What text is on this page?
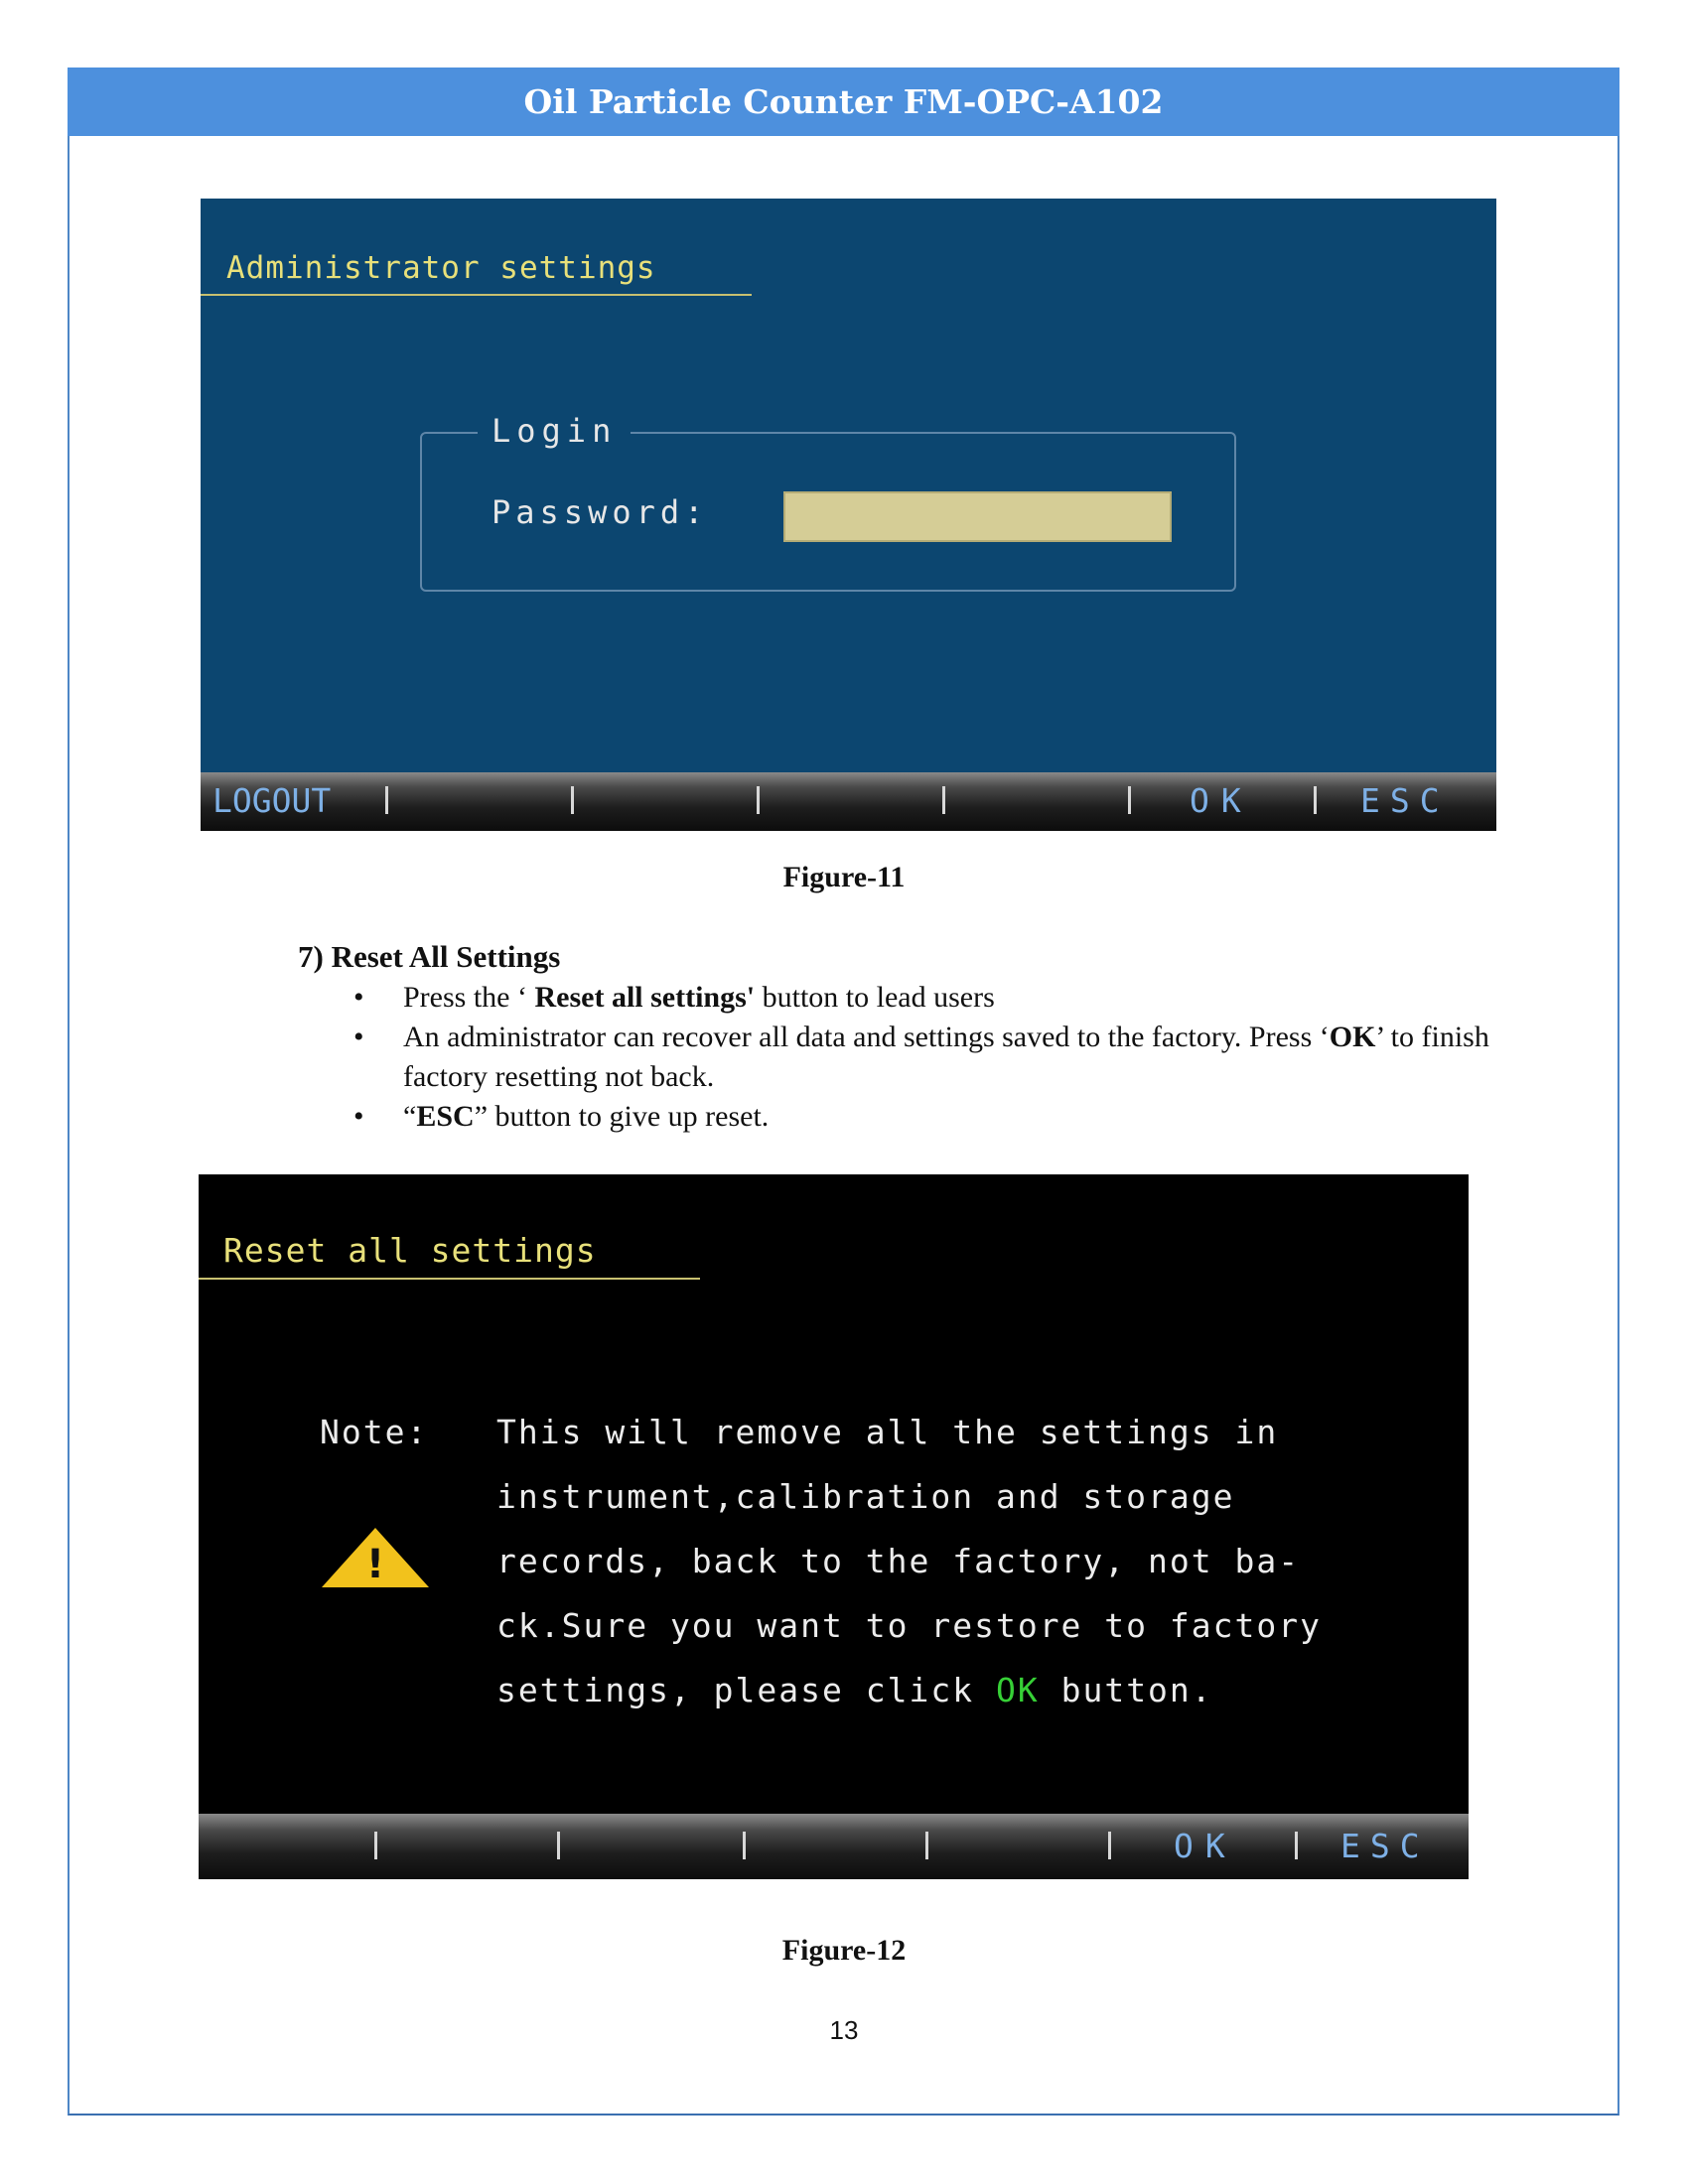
Oil Particle Counter FM-OPC-A102
Administrator settings
Login
Password:
LOGOUT	OK	ESC
Figure-11
7) Reset All Settings
• Press the ‘ Reset all settings' button to lead users
• An administrator can recover all data and settings saved to the factory. Press ‘OK’ to finish factory resetting not back.
• “ESC” button to give up reset.
Reset all settings
Note:
!
This will remove all the settings in
instrument,calibration and storage
records, back to the factory, not ba-
ck.Sure you want to restore to factory
settings, please click OK button.
OK	ESC
Figure-12
13
